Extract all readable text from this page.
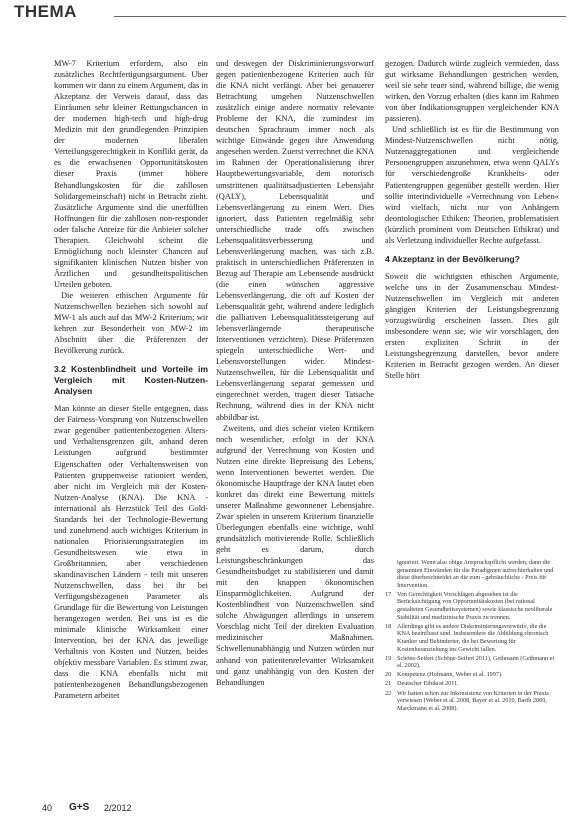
THEMA

MW-7 Kriterium erfordern, also ein zusätzliches Rechtfertigungsargument. Uber kommen wir dann zu einem Argument, das in Akzeptanz der Verweis darauf, dass das Einräumen sehr kleiner Rettungschancen in der modernen high-tech und high-drug Medizin mit den grundlegenden Prinzipien der modernen liberalen Verteilungsgerechtigkeit in Konflikt gerät, da es die erwachsenen Opportunitätskosten dieser Praxis (immer höhere Behandlungskosten für die zahllosen Solidargemeinschaft) nicht in Betracht zieht. Zusätzliche Argumente sind die unerfüllten Hoffnungen für die zahllosen non-responder oder falsche Anreize für die Anbieter solcher Therapien. Gleichwohl scheint die Ermöglichung noch kleinster Chancen auf signifikanten klinischen Nutzen bisher von Ärztlichen und gesundheitspolitischen Urteilen geboten.

Die weiteren ethischen Argumente für Nutzenschwellen beziehen sich sowohl auf MW-1 als auch auf das MW-2 Kriterium; wir kehren zur Besonderheit von MW-2 im Abschnitt über die Präferenzen der Bevölkerung zurück.

3.2 Kostenblindheit und Vorteile im Vergleich mit Kosten-Nutzen-Analysen

Man könnte an dieser Stelle entgegnen, dass der Fairness-Vorsprung von Nutzenschwellen zwar gegenüber patientenbezogenen Alters- und Verhaltensgrenzen gilt, anhand deren Leistungen aufgrund bestimmter Eigenschaften oder Verhaltensweisen von Patienten gruppenweise rationiert werden, aber nicht im Vergleich mit der Kosten-Nutzen-Analyse (KNA). Die KNA - international als Herzstück Teil des Gold-Standards bei der Technologie-Bewertung und zunehmend auch wichtiges Kriterium in nationalen Priorisierungsstrategien im Gesundheitswesen wie etwa in Großbritannien, aber verschiedenen skandinavischen Ländern - teilt mit unseren Nutzenschwellen, dass bei ihr bei Verfügungsbezogenen Parameter als Grundlage für die Bewertung von Leistungen herangezogen werden. Bei uns ist es die minimale klinische Wirksamkeit einer Intervention, bei der KNA das jeweilige Verhältnis von Kosten und Nutzen, beides objektiv messbare Variablen. Es stimmt zwar, dass die KNA ebenfalls nicht mit patientenbezogenen Behandlungsbezogenen Parametern arbeitet

und deswegen der Diskriminierungsvorwurf gegen patientenbezogene Kriterien auch für die KNA nicht verfängt. Aber bei genauerer Betrachtung umgehen Nutzenschwellen zusätzlich einige andere normativ relevante Probleme der KNA, die zumindest im deutschen Sprachraum immer noch als wichtige Einwände gegen ihre Anwendung angesehen werden. Zuerst verrechnet die KNA im Rahmen der Operationalisierung ihrer Hauptbewertungsvariable, dem notorisch umstrittenen qualitätsadjustierten Lebensjahr (QALY), Lebensqualität und Lebensverlängerung zu einem Wert. Dies ignoriert, dass Patienten regelmäßig sehr unterschiedliche trade offs zwischen Lebensqualitätsverbesserung und Lebensverlängerung machen, was sich z.B. praktisch in unterschiedlichen Präferenzen in Bezug auf Therapie am Lebensende ausdrückt (die einen wünschen aggressive Lebensverlängerung, die oft auf Kosten der Lebensqualität geht, während andere lediglich die palliativen Lebensqualitätssteigerung auf lebensverlängernde therapeutische Interventionen verzichten). Diese Präferenzen spiegeln unterschiedliche Wert- und Lebensvorstellungen wider. Mindest-Nutzenschwellen, für die Lebensqualität und Lebensverlängerung separat gemessen und eingerechnet werden, tragen dieser Tatsache Rechnung, während dies in der KNA nicht abbildbar ist.

Zweitens, und dies scheint vielen Kritikern noch wesentlicher, erfolgt in der KNA aufgrund der Verrechnung von Kosten und Nutzen eine direkte Bepreisung des Lebens, wenn Interventionen bewertet werden. Die ökonomische Hauptfrage der KNA lautet eben konkret das direkt eine Bewertung mittels unserer Maßnahme gewonnener Lebensjahre. Zwar spielen in unserem Kriterium finanzielle Überlegungen ebenfalls eine wichtige, wohl grundsätzlich motivierende Rolle. Schließlich geht es darum, durch Leistungsbeschränkungen das Gesundheitsbudget zu stabilisieren und damit mit den knappen ökonomischen Einsparmöglichkeiten. Aufgrund der Kostenblindheit von Nutzenschwellen sind solche Abwägungen allerdings in unserem Vorschlag nicht Teil der direkten Evaluation medizinischer Maßnahmen. Schwellenunabhängig und Nutzen würden nur anhand von patientenrelevanter Wirksamkeit und ganz unabhängig von den Kosten der Behandlungen

gezogen. Dadurch würde zugleich vermieden, dass gut wirksame Behandlungen gestrichen werden, weil sie sehr teuer sind, während billige, die wenig wirken, den Vorzug erhalten (dies kann im Rahmen von über Indikationsgruppen vergleichender KNA passieren).

Und schließlich ist es für die Bestimmung von Mindest-Nutzenschwellen nicht nötig, Nutzenaggregationen und vergleichende Personengruppen anzunehmen, etwa wenn QALYs für verschiedengroße Krankheits- oder Patientengruppen gegenüber gestellt werden. Hier sollte interindividuelle »Verrechnung von Leben« wird vielfach, nicht nur von Anhängern deontologischer Ethiken: Theorien, problematisiert (kürzlich prominent vom Deutschen Ethikrat) und als Verletzung individueller Rechte aufgefasst.

4 Akzeptanz in der Bevölkerung?

Soweit die wichtigsten ethischen Argumente, welche uns in der Zusammenschau Mindest-Nutzenschwellen im Vergleich mit anderen gängigen Kriterien der Leistungsbegrenzung vorzugswürdig erscheinen lassen. Dies gilt insbesondere wenn sie, wie wir vorschlagen, den ersten expliziten Schritt in der Leistungsbegrenzung darstellen, bevor andere Kriterien in Betracht gezogen werden. An dieser Stelle hört

ignoriert. Wenn also obige Anspruchspflicht werden, dann die genannten Einwänden für die Paradigmen aufrechterhalten und diese überbeschneidet an die zum - gebräuchliche - Preis für Intervention.
17 Von Gerechtigkeit Vorschlägen abgesehen ist die Berücksichtigung von Opportunitätskosten (bei rational gestalteten Gesundheitssystemen) sowie klassische neoliberale Stabilität und medizinische Praxis zu trennen.
18 Allerdings gibt es andere Diskriminierungsvorwürfe, die die KNA beeinflusst sind. Insbesondere die Abbildung chronisch Kranker und Behinderter, die bei Bewertung für Kostenheranziehung ins Gewicht fallen.
19 Schöne-Seifert (Schöne-Seifert 2011), Gethmann (Gethmann et al. 2002).
20 Kompetenz (Hofmann, Weber et al. 1997).
21 Deutscher Ethikrat 2011.
22 Wir hatten schon zur Inkonsistenz von Kriterien in der Praxis verwiesen (Weber et al. 2008, Bayer et al. 2010, Barth 2009, Marckmann et al. 2008).
40 G+S 2/2012
